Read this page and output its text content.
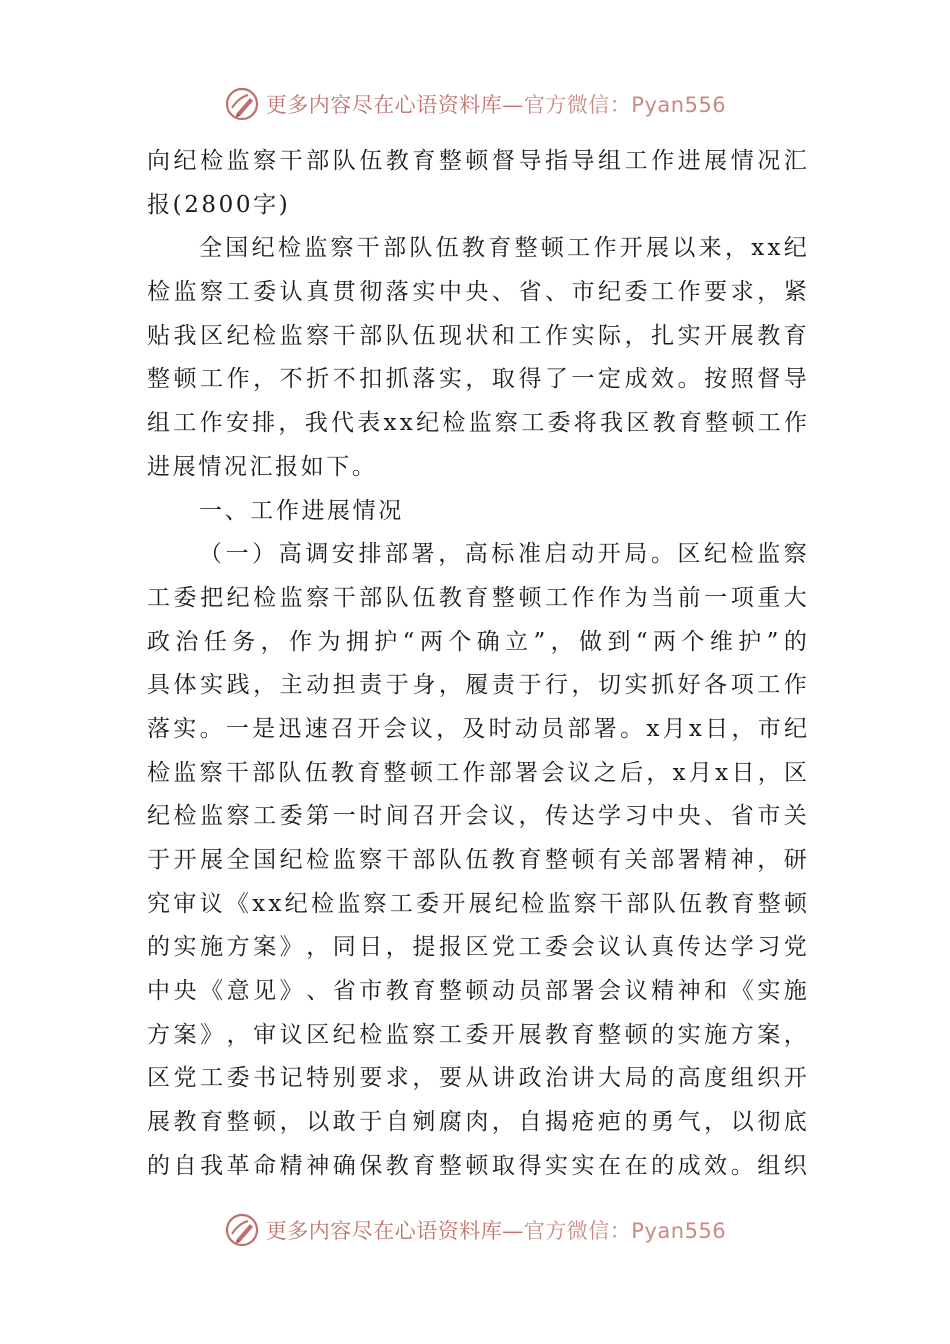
更多内容尽在心语资料库—官方微信：Pyan556
向 纪 检 监 察 干 部 队 伍 教 育 整 顿 督 导 指 导 组 工 作 进 展 情 况 汇
报 ( 2 8 0 0 字 )
全 国 纪 检 监 察 干 部 队 伍 教 育 整 顿 工 作 开 展 以 来 ， x x 纪
检 监 察 工 委 认 真 贯 彻 落 实 中 央 、 省 、 市 纪 委 工 作 要 求 ， 紧
贴 我 区 纪 检 监 察 干 部 队 伍 现 状 和 工 作 实 际 ， 扎 实 开 展 教 育
整 顿 工 作 ， 不 折 不 扣 抓 落 实 ， 取 得 了 一 定 成 效 。 按 照 督 导
组 工 作 安 排 ， 我 代 表 x x 纪 检 监 察 工 委 将 我 区 教 育 整 顿 工 作
进 展 情 况 汇 报 如 下 。
一 、 工 作 进 展 情 况
（ 一 ） 高 调 安 排 部 署 ， 高 标 准 启 动 开 局 。 区 纪 检 监 察
工 委 把 纪 检 监 察 干 部 队 伍 教 育 整 顿 工 作 作 为 当 前 一 项 重 大
政 治 任 务 ， 作 为 拥 护 “ 两 个 确 立 ” ， 做 到 “ 两 个 维 护 ” 的
具 体 实 践 ， 主 动 担 责 于 身 ， 履 责 于 行 ， 切 实 抓 好 各 项 工 作
落 实 。 一 是 迅 速 召 开 会 议 ， 及 时 动 员 部 署 。 x 月 x 日 ， 市 纪
检 监 察 干 部 队 伍 教 育 整 顿 工 作 部 署 会 议 之 后 ， x 月 x 日 ， 区
纪 检 监 察 工 委 第 一 时 间 召 开 会 议 ， 传 达 学 习 中 央 、 省 市 关
于 开 展 全 国 纪 检 监 察 干 部 队 伍 教 育 整 顿 有 关 部 署 精 神 ， 研
究 审 议 《 x x 纪 检 监 察 工 委 开 展 纪 检 监 察 干 部 队 伍 教 育 整 顿
的 实 施 方 案 》 ， 同 日 ， 提 报 区 党 工 委 会 议 认 真 传 达 学 习 党
中 央 《 意 见 》 、 省 市 教 育 整 顿 动 员 部 署 会 议 精 神 和 《 实 施
方 案 》 ， 审 议 区 纪 检 监 察 工 委 开 展 教 育 整 顿 的 实 施 方 案 ，
区 党 工 委 书 记 特 别 要 求 ， 要 从 讲 政 治 讲 大 局 的 高 度 组 织 开
展 教 育 整 顿 ， 以 敢 于 自 剜 腐 肉 ， 自 揭 疮 疤 的 勇 气 ， 以 彻 底
的 自 我 革 命 精 神 确 保 教 育 整 顿 取 得 实 实 在 在 的 成 效 。 组 织
更多内容尽在心语资料库—官方微信：Pyan556
